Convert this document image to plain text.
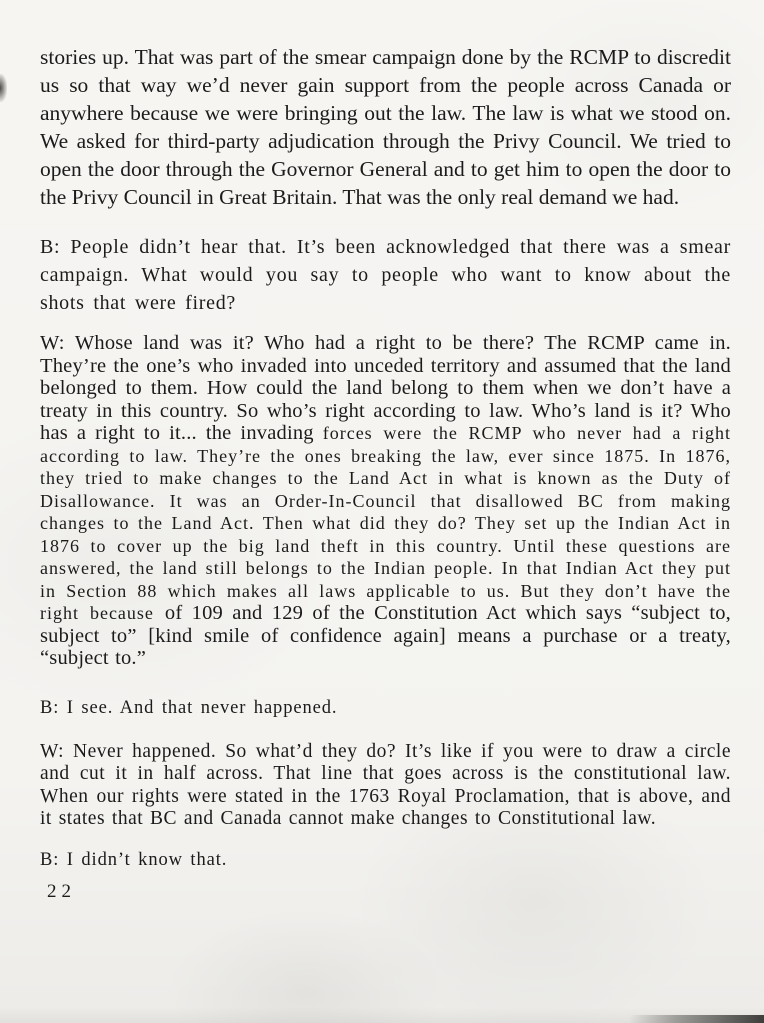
stories up. That was part of the smear campaign done by the RCMP to discredit us so that way we’d never gain support from the people across Canada or anywhere because we were bringing out the law. The law is what we stood on. We asked for third-party adjudication through the Privy Council. We tried to open the door through the Governor General and to get him to open the door to the Privy Council in Great Britain. That was the only real demand we had.

B: People didn’t hear that. It’s been acknowledged that there was a smear campaign. What would you say to people who want to know about the shots that were fired?

W: Whose land was it? Who had a right to be there? The RCMP came in. They’re the one’s who invaded into unceded territory and assumed that the land belonged to them. How could the land belong to them when we don’t have a treaty in this country. So who’s right according to law. Who’s land is it? Who has a right to it... the invading forces were the RCMP who never had a right according to law. They’re the ones breaking the law, ever since 1875. In 1876, they tried to make changes to the Land Act in what is known as the Duty of Disallowance. It was an Order-In-Council that disallowed BC from making changes to the Land Act. Then what did they do? They set up the Indian Act in 1876 to cover up the big land theft in this country. Until these questions are answered, the land still belongs to the Indian people. In that Indian Act they put in Section 88 which makes all laws applicable to us. But they don’t have the right because of 109 and 129 of the Constitution Act which says “subject to, subject to” [kind smile of confidence again] means a purchase or a treaty, “subject to.”

B: I see. And that never happened.

W: Never happened. So what’d they do? It’s like if you were to draw a circle and cut it in half across. That line that goes across is the constitutional law. When our rights were stated in the 1763 Royal Proclamation, that is above, and it states that BC and Canada cannot make changes to Constitutional law.

B: I didn’t know that.

22
